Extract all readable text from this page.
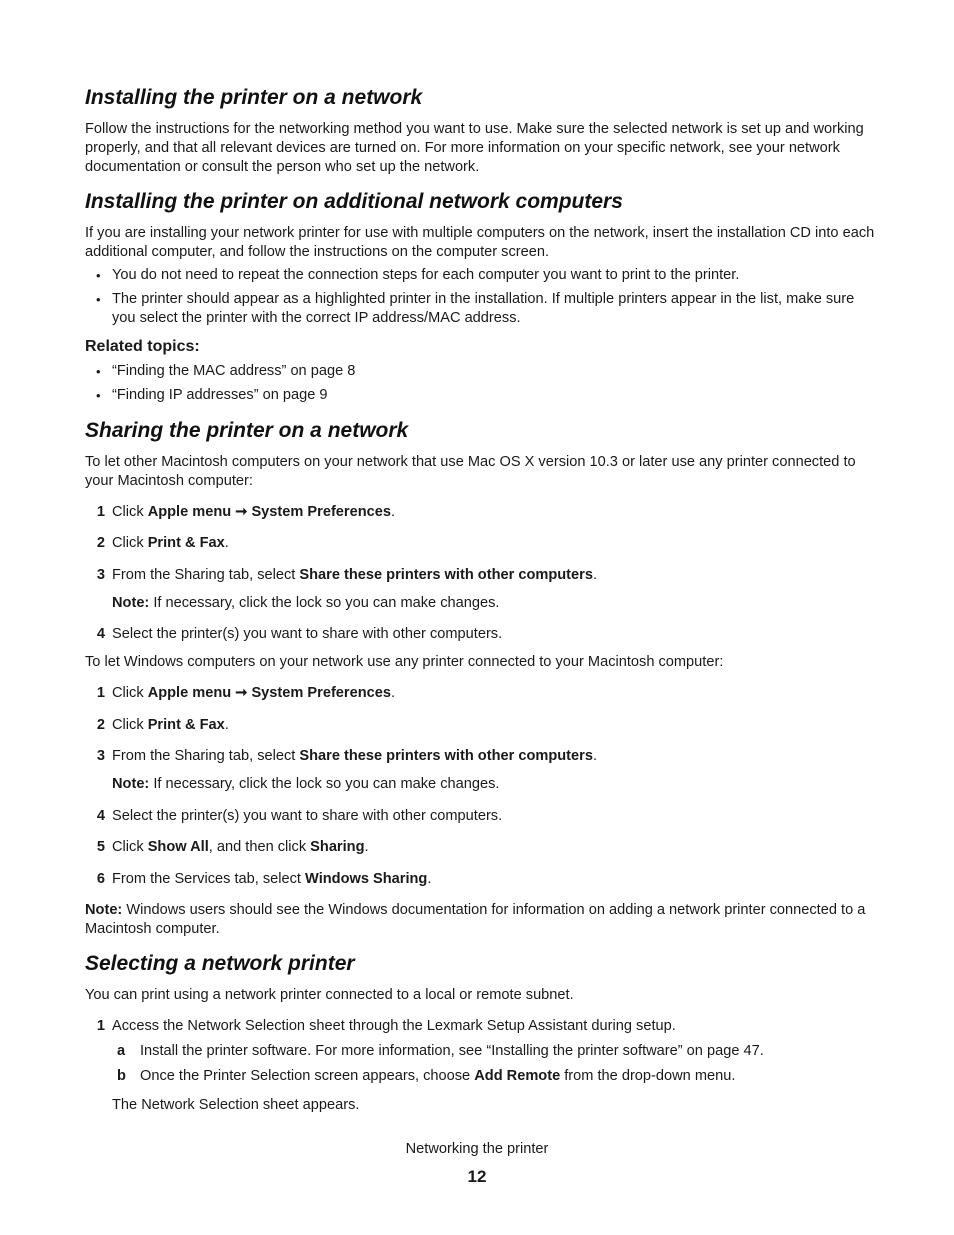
Installing the printer on a network

Follow the instructions for the networking method you want to use. Make sure the selected network is set up and working properly, and that all relevant devices are turned on. For more information on your specific network, see your network documentation or consult the person who set up the network.

Installing the printer on additional network computers

If you are installing your network printer for use with multiple computers on the network, insert the installation CD into each additional computer, and follow the instructions on the computer screen.

• You do not need to repeat the connection steps for each computer you want to print to the printer.
• The printer should appear as a highlighted printer in the installation. If multiple printers appear in the list, make sure you select the printer with the correct IP address/MAC address.
Related topics:
• “Finding the MAC address” on page 8
• “Finding IP addresses” on page 9
Sharing the printer on a network

To let other Macintosh computers on your network that use Mac OS X version 10.3 or later use any printer connected to your Macintosh computer:

1 Click Apple menu ➞ System Preferences.
2 Click Print & Fax.
3 From the Sharing tab, select Share these printers with other computers.

Note: If necessary, click the lock so you can make changes.

4 Select the printer(s) you want to share with other computers.

To let Windows computers on your network use any printer connected to your Macintosh computer:

1 Click Apple menu ➞ System Preferences.
2 Click Print & Fax.
3 From the Sharing tab, select Share these printers with other computers.

Note: If necessary, click the lock so you can make changes.

4 Select the printer(s) you want to share with other computers.
5 Click Show All, and then click Sharing.
6 From the Services tab, select Windows Sharing.

Note: Windows users should see the Windows documentation for information on adding a network printer connected to a Macintosh computer.

Selecting a network printer

You can print using a network printer connected to a local or remote subnet.

1 Access the Network Selection sheet through the Lexmark Setup Assistant during setup.
a Install the printer software. For more information, see “Installing the printer software” on page 47.
b Once the Printer Selection screen appears, choose Add Remote from the drop-down menu.

The Network Selection sheet appears.

Networking the printer
12
